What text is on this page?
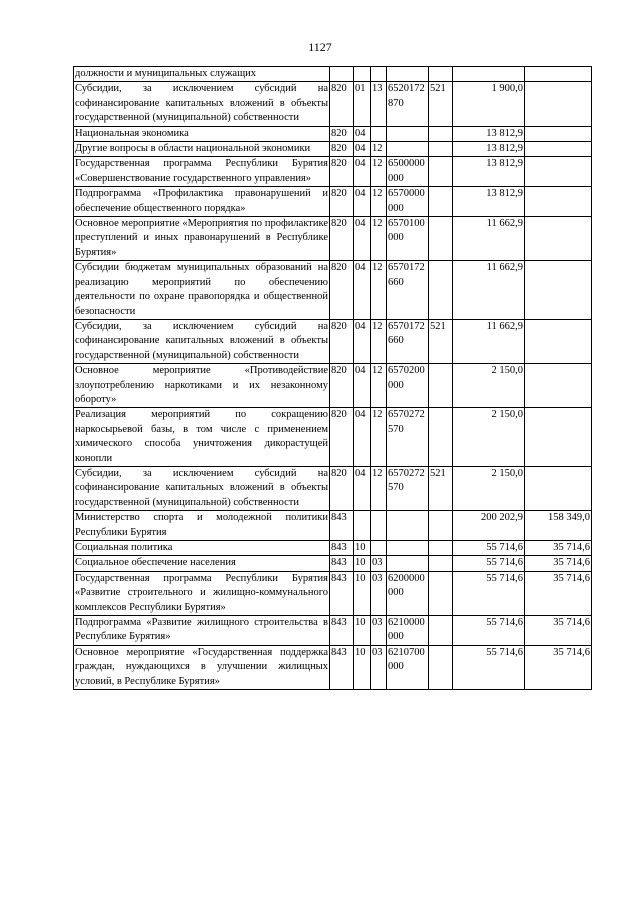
1127
должности и муниципальных служащих							
Субсидии, за исключением субсидий на софинансирование капитальных вложений в объекты государственной (муниципальной) собственности	820	01	13	6520172870	521	1 900,0	
Национальная экономика	820	04				13 812,9	
Другие вопросы в области национальной экономики	820	04	12			13 812,9	
Государственная программа Республики Бурятия «Совершенствование государственного управления»	820	04	12	6500000000		13 812,9	
Подпрограмма «Профилактика правонарушений и обеспечение общественного порядка»	820	04	12	6570000000		13 812,9	
Основное мероприятие «Мероприятия по профилактике преступлений и иных правонарушений в Республике Бурятия»	820	04	12	6570100000		11 662,9	
Субсидии бюджетам муниципальных образований на реализацию мероприятий по обеспечению деятельности по охране правопорядка и общественной безопасности	820	04	12	6570172660		11 662,9	
Субсидии, за исключением субсидий на софинансирование капитальных вложений в объекты государственной (муниципальной) собственности	820	04	12	6570172660	521	11 662,9	
Основное мероприятие «Противодействие злоупотреблению наркотиками и их незаконному обороту»	820	04	12	6570200000		2 150,0	
Реализация мероприятий по сокращению наркосырьевой базы, в том числе с применением химического способа уничтожения дикорастущей конопли	820	04	12	6570272570		2 150,0	
Субсидии, за исключением субсидий на софинансирование капитальных вложений в объекты государственной (муниципальной) собственности	820	04	12	6570272570	521	2 150,0	
Министерство спорта и молодежной политики Республики Бурятия	843					200 202,9	158 349,0
Социальная политика	843	10				55 714,6	35 714,6
Социальное обеспечение населения	843	10	03			55 714,6	35 714,6
Государственная программа Республики Бурятия «Развитие строительного и жилищно-коммунального комплексов Республики Бурятия»	843	10	03	6200000000		55 714,6	35 714,6
Подпрограмма «Развитие жилищного строительства в Республике Бурятия»	843	10	03	6210000000		55 714,6	35 714,6
Основное мероприятие «Государственная поддержка граждан, нуждающихся в улучшении жилищных условий, в Республике Бурятия»	843	10	03	6210700000		55 714,6	35 714,6
